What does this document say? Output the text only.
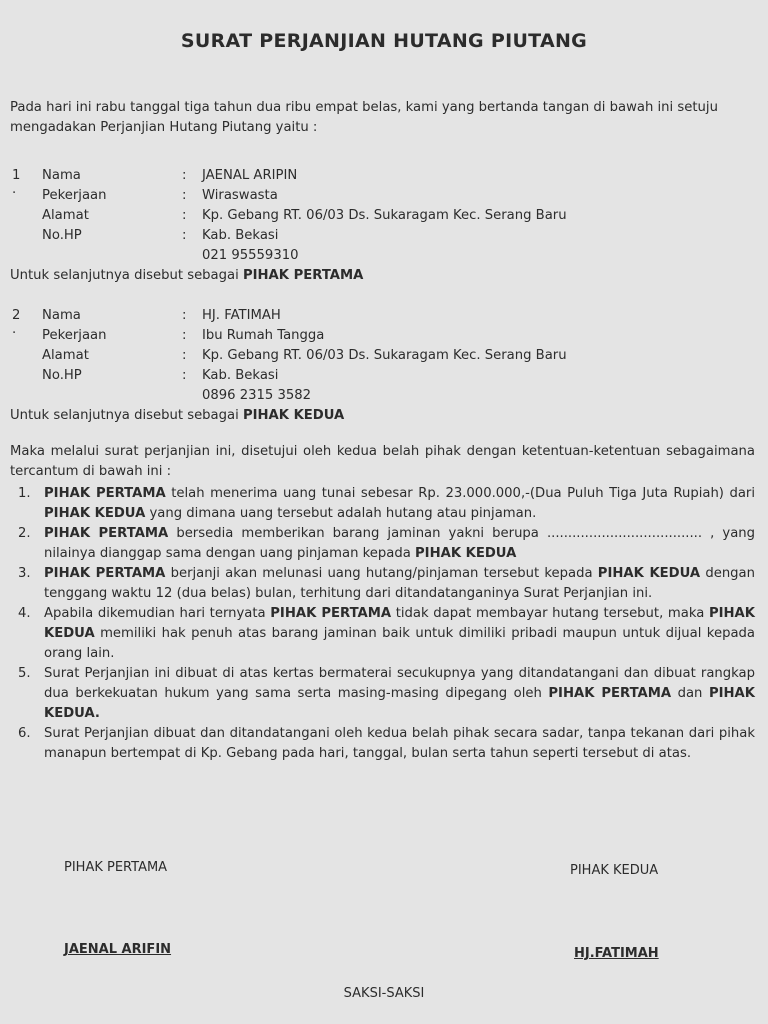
SURAT PERJANJIAN HUTANG PIUTANG
Pada hari ini rabu tanggal tiga tahun dua ribu empat belas, kami yang bertanda tangan di bawah ini setuju mengadakan Perjanjian Hutang Piutang yaitu :
1	Nama	:	JAENAL ARIPIN
.	Pekerjaan	:	Wiraswasta
Alamat	:	Kp. Gebang RT. 06/03 Ds. Sukaragam Kec. Serang Baru
No.HP	:	Kab. Bekasi
021 95559310
Untuk selanjutnya disebut sebagai PIHAK PERTAMA
2	Nama	:	HJ. FATIMAH
.	Pekerjaan	:	Ibu Rumah Tangga
Alamat	:	Kp. Gebang RT. 06/03 Ds. Sukaragam Kec. Serang Baru
No.HP	:	Kab. Bekasi
0896 2315 3582
Untuk selanjutnya disebut sebagai PIHAK KEDUA
Maka melalui surat perjanjian ini, disetujui oleh kedua belah pihak dengan ketentuan-ketentuan sebagaimana tercantum di bawah ini :
1. PIHAK PERTAMA telah menerima uang tunai sebesar Rp. 23.000.000,-(Dua Puluh Tiga Juta Rupiah) dari PIHAK KEDUA yang dimana uang tersebut adalah hutang atau pinjaman.
2. PIHAK PERTAMA bersedia memberikan barang jaminan yakni berupa ..................................... , yang nilainya dianggap sama dengan uang pinjaman kepada PIHAK KEDUA
3. PIHAK PERTAMA berjanji akan melunasi uang hutang/pinjaman tersebut kepada PIHAK KEDUA dengan tenggang waktu 12 (dua belas) bulan, terhitung dari ditandatanganinya Surat Perjanjian ini.
4. Apabila dikemudian hari ternyata PIHAK PERTAMA tidak dapat membayar hutang tersebut, maka PIHAK KEDUA memiliki hak penuh atas barang jaminan baik untuk dimiliki pribadi maupun untuk dijual kepada orang lain.
5. Surat Perjanjian ini dibuat di atas kertas bermaterai secukupnya yang ditandatangani dan dibuat rangkap dua berkekuatan hukum yang sama serta masing-masing dipegang oleh PIHAK PERTAMA dan PIHAK KEDUA.
6. Surat Perjanjian dibuat dan ditandatangani oleh kedua belah pihak secara sadar, tanpa tekanan dari pihak manapun bertempat di Kp. Gebang pada hari, tanggal, bulan serta tahun seperti tersebut di atas.
PIHAK PERTAMA	PIHAK KEDUA
JAENAL ARIFIN	HJ.FATIMAH
SAKSI-SAKSI
